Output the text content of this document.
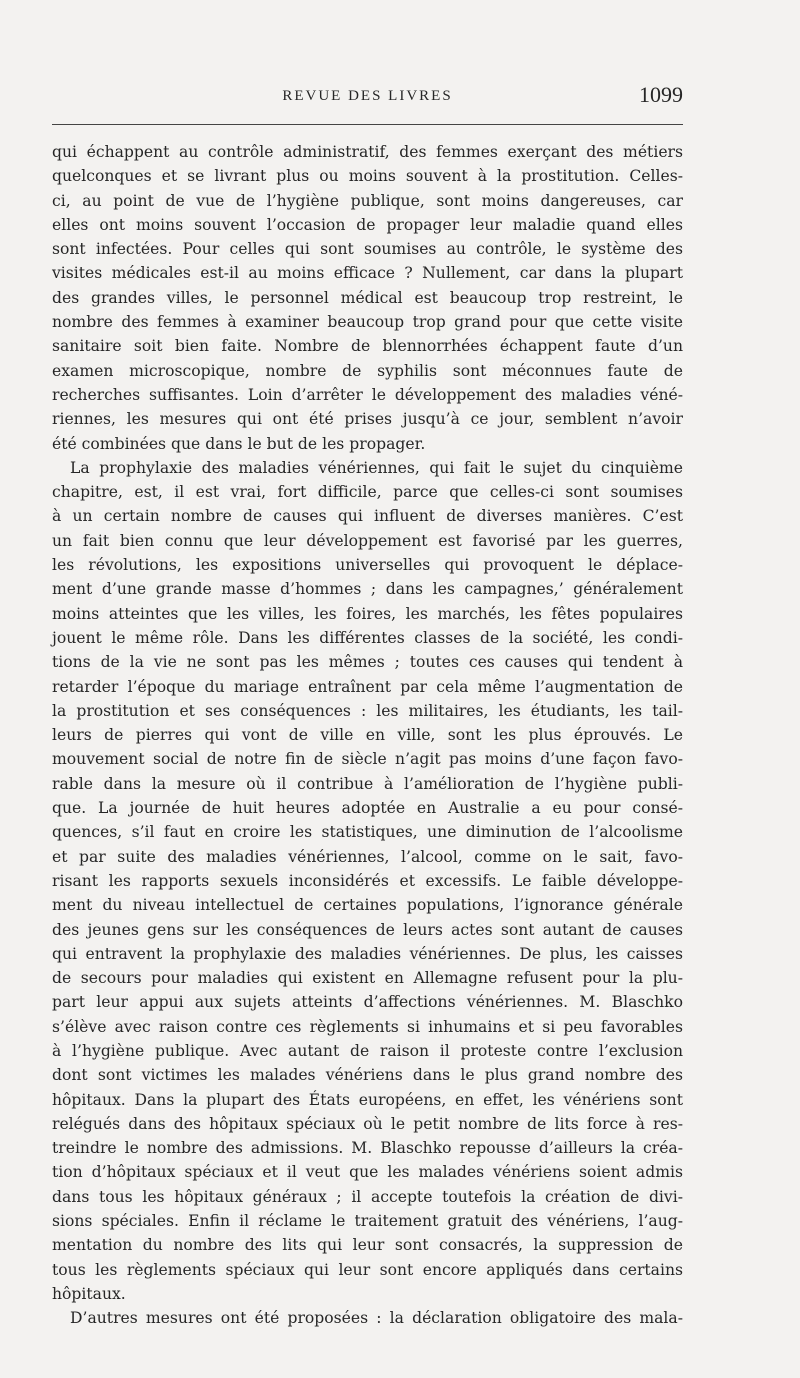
REVUE DES LIVRES	1099
qui échappent au contrôle administratif, des femmes exerçant des métiers
quelconques et se livrant plus ou moins souvent à la prostitution. Celles-
ci, au point de vue de l’hygiène publique, sont moins dangereuses, car
elles ont moins souvent l’occasion de propager leur maladie quand elles
sont infectées. Pour celles qui sont soumises au contrôle, le système des
visites médicales est-il au moins efficace ? Nullement, car dans la plupart
des grandes villes, le personnel médical est beaucoup trop restreint, le
nombre des femmes à examiner beaucoup trop grand pour que cette visite
sanitaire soit bien faite. Nombre de blennorrhées échappent faute d’un
examen microscopique, nombre de syphilis sont méconnues faute de
recherches suffisantes. Loin d’arrêter le développement des maladies véné-
riennes, les mesures qui ont été prises jusqu’à ce jour, semblent n’avoir
été combinées que dans le but de les propager.
La prophylaxie des maladies vénériennes, qui fait le sujet du cinquième
chapitre, est, il est vrai, fort difficile, parce que celles-ci sont soumises
à un certain nombre de causes qui influent de diverses manières. C’est
un fait bien connu que leur développement est favorisé par les guerres,
les révolutions, les expositions universelles qui provoquent le déplace-
ment d’une grande masse d’hommes ; dans les campagnes,’ généralement
moins atteintes que les villes, les foires, les marchés, les fêtes populaires
jouent le même rôle. Dans les différentes classes de la société, les condi-
tions de la vie ne sont pas les mêmes ; toutes ces causes qui tendent à
retarder l’époque du mariage entraînent par cela même l’augmentation de
la prostitution et ses conséquences : les militaires, les étudiants, les tail-
leurs de pierres qui vont de ville en ville, sont les plus éprouvés. Le
mouvement social de notre fin de siècle n’agit pas moins d’une façon favo-
rable dans la mesure où il contribue à l’amélioration de l’hygiène publi-
que. La journée de huit heures adoptée en Australie a eu pour consé-
quences, s’il faut en croire les statistiques, une diminution de l’alcoolisme
et par suite des maladies vénériennes, l’alcool, comme on le sait, favo-
risant les rapports sexuels inconsidérés et excessifs. Le faible développe-
ment du niveau intellectuel de certaines populations, l’ignorance générale
des jeunes gens sur les conséquences de leurs actes sont autant de causes
qui entravent la prophylaxie des maladies vénériennes. De plus, les caisses
de secours pour maladies qui existent en Allemagne refusent pour la plu-
part leur appui aux sujets atteints d’affections vénériennes. M. Blaschko
s’élève avec raison contre ces règlements si inhumains et si peu favorables
à l’hygiène publique. Avec autant de raison il proteste contre l’exclusion
dont sont victimes les malades vénériens dans le plus grand nombre des
hôpitaux. Dans la plupart des États européens, en effet, les vénériens sont
relégués dans des hôpitaux spéciaux où le petit nombre de lits force à res-
treindre le nombre des admissions. M. Blaschko repousse d’ailleurs la créa-
tion d’hôpitaux spéciaux et il veut que les malades vénériens soient admis
dans tous les hôpitaux généraux ; il accepte toutefois la création de divi-
sions spéciales. Enfin il réclame le traitement gratuit des vénériens, l’aug-
mentation du nombre des lits qui leur sont consacrés, la suppression de
tous les règlements spéciaux qui leur sont encore appliqués dans certains
hôpitaux.
D’autres mesures ont été proposées : la déclaration obligatoire des mala-
